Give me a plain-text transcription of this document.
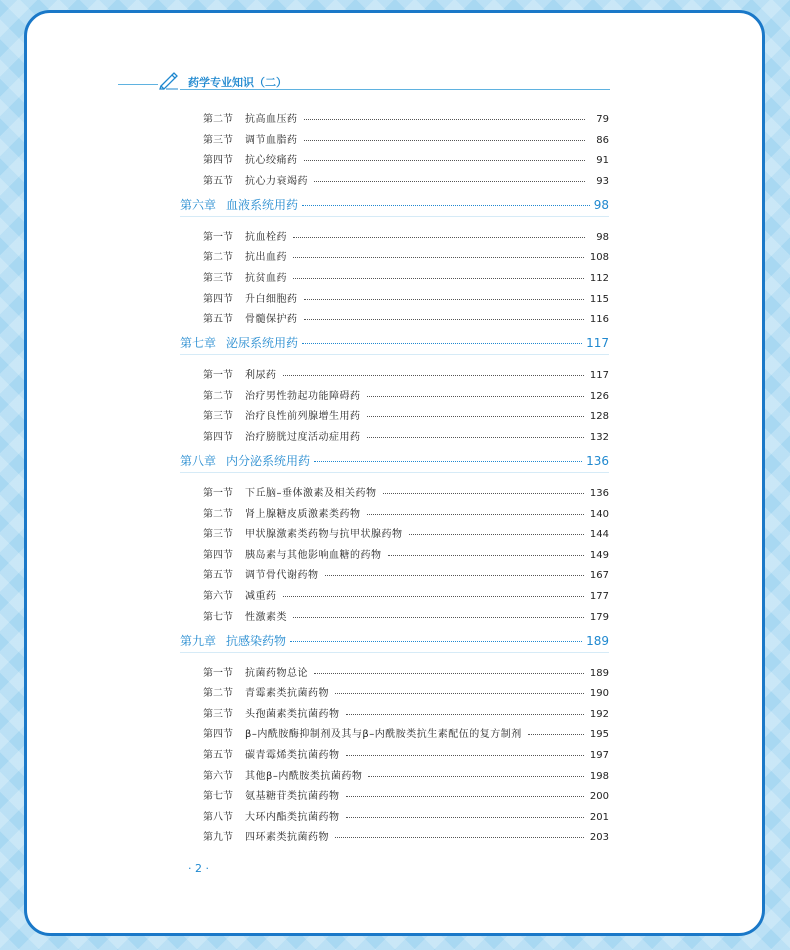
药学专业知识（二）
第二节	抗高血压药	79
第三节	调节血脂药	86
第四节	抗心绞痛药	91
第五节	抗心力衰竭药	93
第六章 血液系统用药	98
第一节	抗血栓药	98
第二节	抗出血药	108
第三节	抗贫血药	112
第四节	升白细胞药	115
第五节	骨髓保护药	116
第七章 泌尿系统用药	117
第一节	利尿药	117
第二节	治疗男性勃起功能障碍药	126
第三节	治疗良性前列腺增生用药	128
第四节	治疗膀胱过度活动症用药	132
第八章 内分泌系统用药	136
第一节	下丘脑–垂体激素及相关药物	136
第二节	肾上腺糖皮质激素类药物	140
第三节	甲状腺激素类药物与抗甲状腺药物	144
第四节	胰岛素与其他影响血糖的药物	149
第五节	调节骨代谢药物	167
第六节	减重药	177
第七节	性激素类	179
第九章 抗感染药物	189
第一节	抗菌药物总论	189
第二节	青霉素类抗菌药物	190
第三节	头孢菌素类抗菌药物	192
第四节	β–内酰胺酶抑制剂及其与β–内酰胺类抗生素配伍的复方制剂	195
第五节	碳青霉烯类抗菌药物	197
第六节	其他β–内酰胺类抗菌药物	198
第七节	氨基糖苷类抗菌药物	200
第八节	大环内酯类抗菌药物	201
第九节	四环素类抗菌药物	203
· 2 ·
